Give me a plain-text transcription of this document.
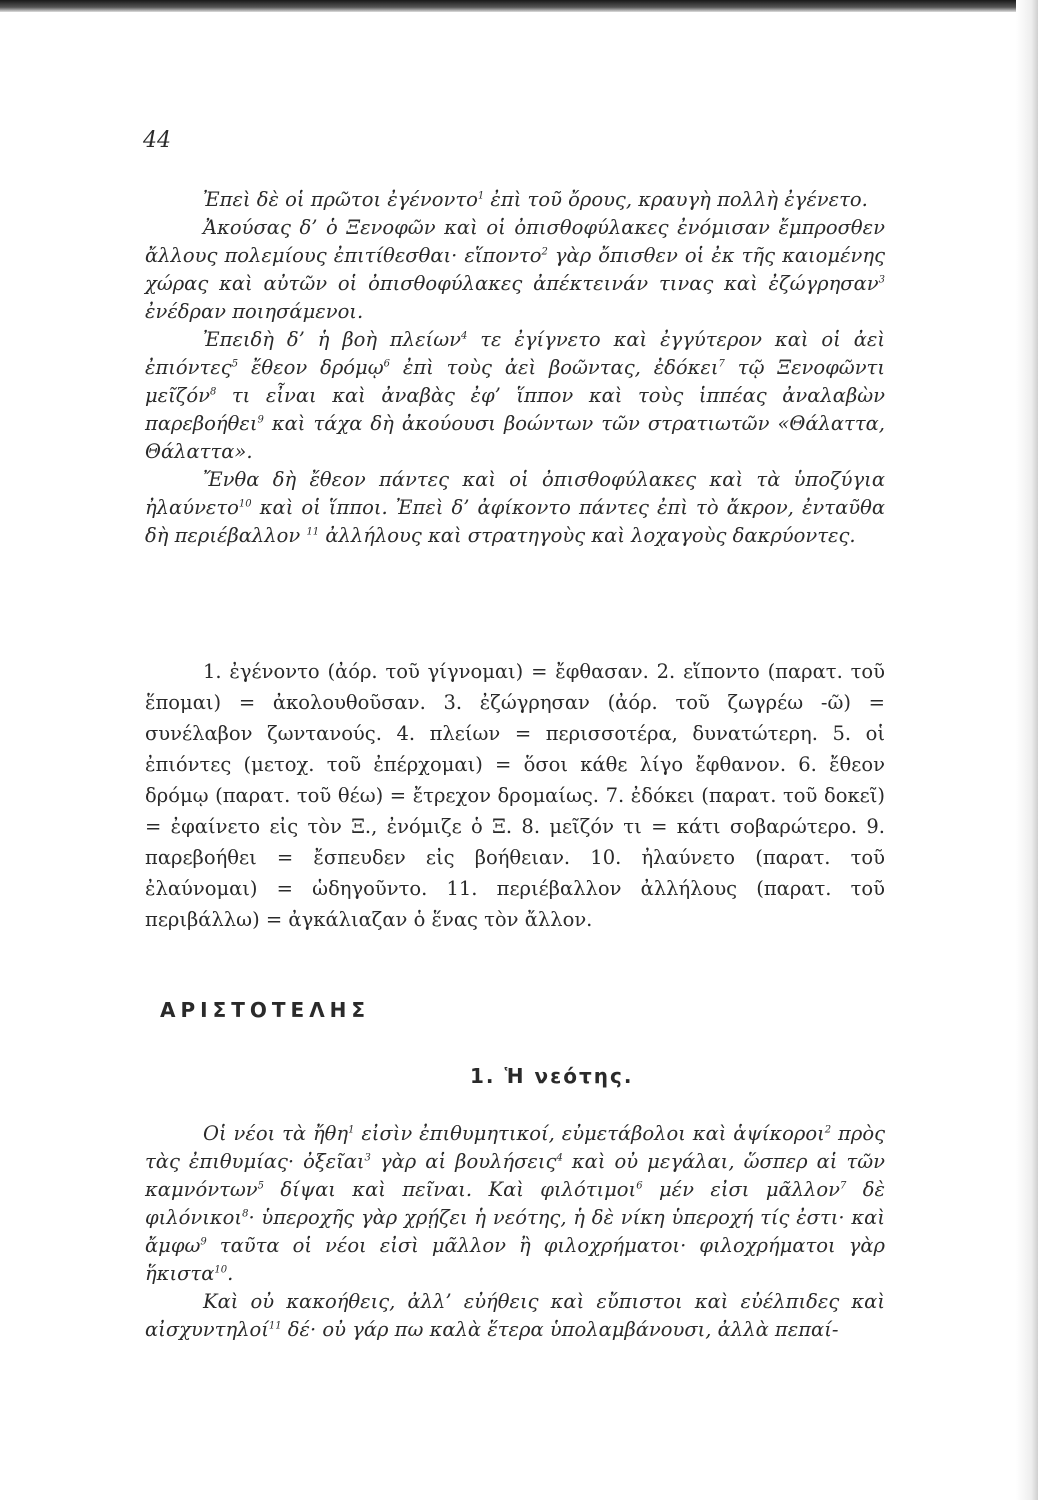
44

Ἐπεὶ δὲ οἱ πρῶτοι ἐγένοντο$^1$ ἐπὶ τοῦ ὄρους, κραυγὴ πολλὴ ἐγένετο.

Ἀκούσας δ’ ὁ Ξενοφῶν καὶ οἱ ὀπισθοφύλακες ἐνόμισαν ἔμπροσθεν ἄλλους πολεμίους ἐπιτίθεσθαι· εἵποντο$^2$ γὰρ ὄπισθεν οἱ ἐκ τῆς καιομένης χώρας καὶ αὐτῶν οἱ ὀπισθοφύλακες ἀπέκτεινάν τινας καὶ ἐζώγρησαν$^3$ ἐνέδραν ποιησάμενοι.

Ἐπειδὴ δ’ ἡ βοὴ πλείων$^4$ τε ἐγίγνετο καὶ ἐγγύτερον καὶ οἱ ἀεὶ ἐπιόντες$^5$ ἔθεον δρόμῳ$^6$ ἐπὶ τοὺς ἀεὶ βοῶντας, ἐδόκει$^7$ τῷ Ξενοφῶντι μεῖζόν$^8$ τι εἶναι καὶ ἀναβὰς ἐφ’ ἵππον καὶ τοὺς ἱππέας ἀναλαβὼν παρεβοήθει$^9$ καὶ τάχα δὴ ἀκούουσι βοώντων τῶν στρατιωτῶν «Θάλαττα, Θάλαττα».

Ἔνθα δὴ ἔθεον πάντες καὶ οἱ ὀπισθοφύλακες καὶ τὰ ὑποζύγια ἠλαύνετο$^{10}$ καὶ οἱ ἵπποι. Ἐπεὶ δ’ ἀφίκοντο πάντες ἐπὶ τὸ ἄκρον, ἐνταῦθα δὴ περιέβαλλον $^{11}$ ἀλλήλους καὶ στρατηγοὺς καὶ λοχαγοὺς δακρύοντες.

1. ἐγένοντο (ἀόρ. τοῦ γίγνομαι) = ἔφθασαν. 2. εἵποντο (παρατ. τοῦ ἕπομαι) = ἀκολουθοῦσαν. 3. ἐζώγρησαν (ἀόρ. τοῦ ζωγρέω -ῶ) = συνέλαβον ζωντανούς. 4. πλείων = περισσοτέρα, δυνατώτερη. 5. οἱ ἐπιόντες (μετοχ. τοῦ ἐπέρχομαι) = ὅσοι κάθε λίγο ἔφθανον. 6. ἔθεον δρόμῳ (παρατ. τοῦ θέω) = ἔτρεχον δρομαίως. 7. ἐδόκει (παρατ. τοῦ δοκεῖ) = ἐφαίνετο εἰς τὸν Ξ., ἐνόμιζε ὁ Ξ. 8. μεῖζόν τι = κάτι σοβαρώτερο. 9. παρεβοήθει = ἔσπευδεν εἰς βοήθειαν. 10. ἠλαύνετο (παρατ. τοῦ ἐλαύνομαι) = ὡδηγοῦντο. 11. περιέβαλλον ἀλλήλους (παρατ. τοῦ περιβάλλω) = ἀγκάλιαζαν ὁ ἕνας τὸν ἄλλον.

ΑΡΙΣΤΟΤΕΛΗΣ
1. Ἡ νεότης.

Οἱ νέοι τὰ ἤθη$^1$ εἰσὶν ἐπιθυμητικοί, εὐμετάβολοι καὶ ἁψίκοροι$^2$ πρὸς τὰς ἐπιθυμίας· ὀξεῖαι$^3$ γὰρ αἱ βουλήσεις$^4$ καὶ οὐ μεγάλαι, ὥσπερ αἱ τῶν καμνόντων$^5$ δίψαι καὶ πεῖναι. Καὶ φιλότιμοι$^6$ μέν εἰσι μᾶλλον$^7$ δὲ φιλόνικοι$^8$· ὑπεροχῆς γὰρ χρῄζει ἡ νεότης, ἡ δὲ νίκη ὑπεροχή τίς ἐστι· καὶ ἄμφω$^9$ ταῦτα οἱ νέοι εἰσὶ μᾶλλον ἢ φιλοχρήματοι· φιλοχρήματοι γὰρ ἥκιστα$^{10}$.

Καὶ οὐ κακοήθεις, ἀλλ’ εὐήθεις καὶ εὔπιστοι καὶ εὐέλπιδες καὶ αἰσχυντηλοί$^{11}$ δέ· οὐ γάρ πω καλὰ ἕτερα ὑπολαμβάνουσι, ἀλλὰ πεπαί-
